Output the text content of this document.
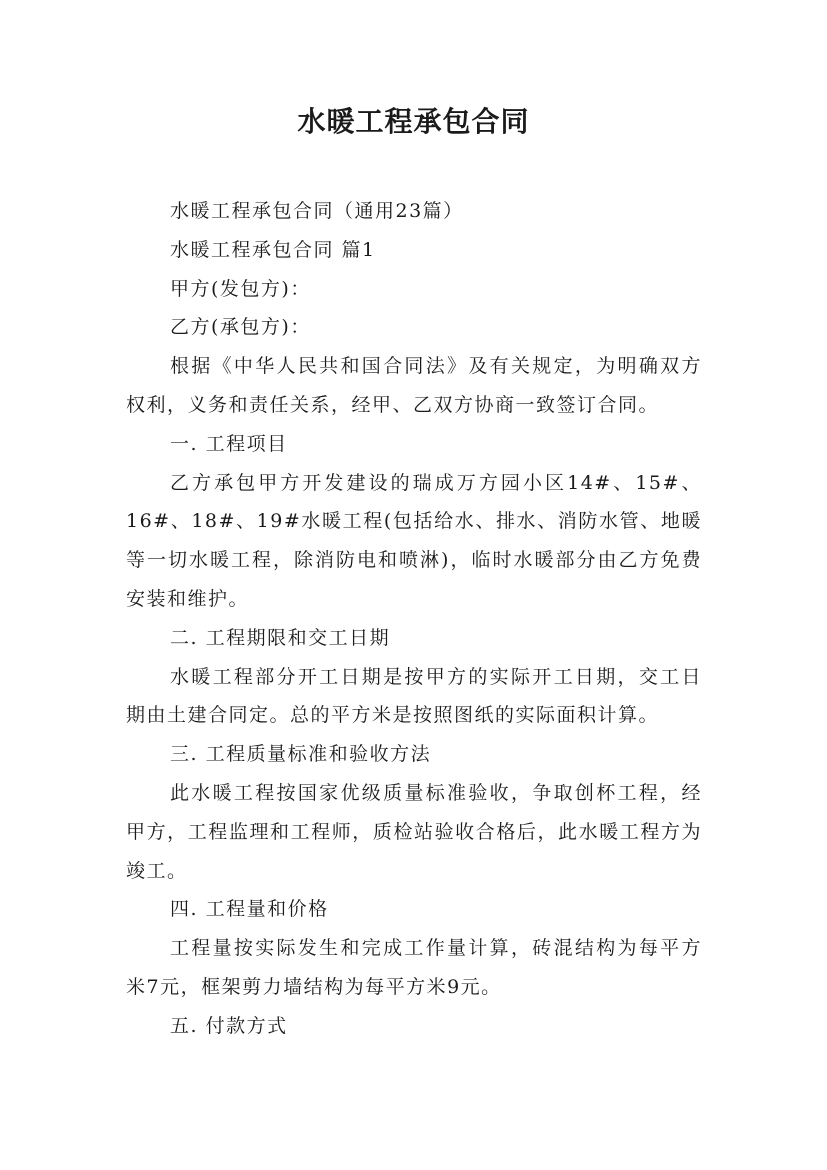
水暖工程承包合同

水暖工程承包合同（通用23篇）

水暖工程承包合同 篇1

甲方(发包方)：

乙方(承包方)：

根据《中华人民共和国合同法》及有关规定，为明确双方权利，义务和责任关系，经甲、乙双方协商一致签订合同。

一. 工程项目

乙方承包甲方开发建设的瑞成万方园小区14#、15#、16#、18#、19#水暖工程(包括给水、排水、消防水管、地暖等一切水暖工程，除消防电和喷淋)，临时水暖部分由乙方免费安装和维护。

二. 工程期限和交工日期

水暖工程部分开工日期是按甲方的实际开工日期，交工日期由土建合同定。总的平方米是按照图纸的实际面积计算。

三. 工程质量标准和验收方法

此水暖工程按国家优级质量标准验收，争取创杯工程，经甲方，工程监理和工程师，质检站验收合格后，此水暖工程方为竣工。

四. 工程量和价格

工程量按实际发生和完成工作量计算，砖混结构为每平方米7元，框架剪力墙结构为每平方米9元。

五. 付款方式
